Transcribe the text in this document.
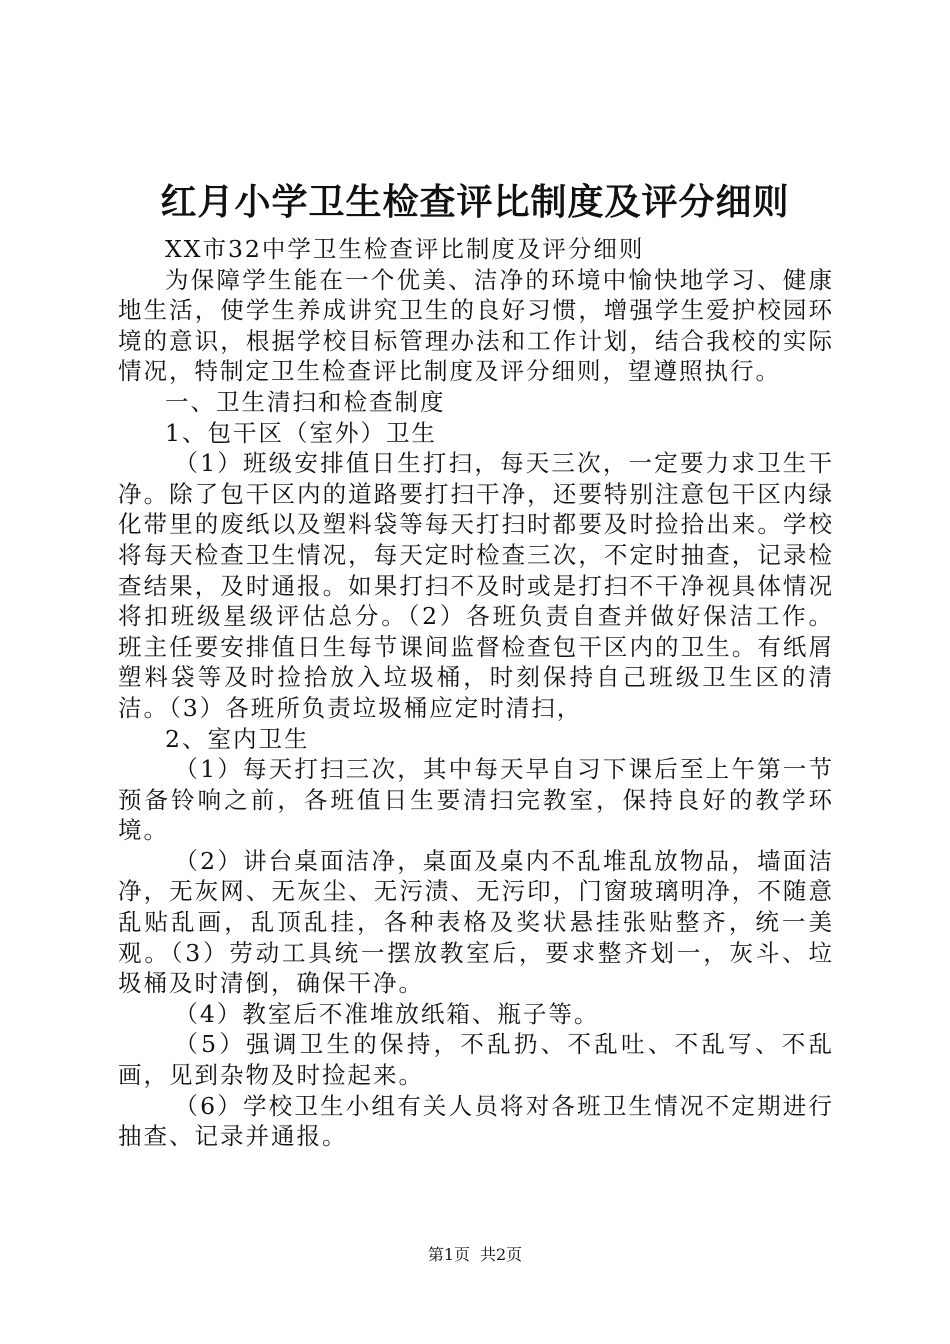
红月小学卫生检查评比制度及评分细则

XX市32中学卫生检查评比制度及评分细则

为保障学生能在一个优美、洁净的环境中愉快地学习、健康地生活，使学生养成讲究卫生的良好习惯，增强学生爱护校园环境的意识，根据学校目标管理办法和工作计划，结合我校的实际情况，特制定卫生检查评比制度及评分细则，望遵照执行。

一、卫生清扫和检查制度

1、包干区（室外）卫生

（1）班级安排值日生打扫，每天三次，一定要力求卫生干净。除了包干区内的道路要打扫干净，还要特别注意包干区内绿化带里的废纸以及塑料袋等每天打扫时都要及时捡拾出来。学校将每天检查卫生情况，每天定时检查三次，不定时抽查，记录检查结果，及时通报。如果打扫不及时或是打扫不干净视具体情况将扣班级星级评估总分。（2）各班负责自查并做好保洁工作。班主任要安排值日生每节课间监督检查包干区内的卫生。有纸屑塑料袋等及时捡拾放入垃圾桶，时刻保持自己班级卫生区的清洁。（3）各班所负责垃圾桶应定时清扫，

2、室内卫生

（1）每天打扫三次，其中每天早自习下课后至上午第一节预备铃响之前，各班值日生要清扫完教室，保持良好的教学环境。

（2）讲台桌面洁净，桌面及桌内不乱堆乱放物品，墙面洁净，无灰网、无灰尘、无污渍、无污印，门窗玻璃明净，不随意乱贴乱画，乱顶乱挂，各种表格及奖状悬挂张贴整齐，统一美观。（3）劳动工具统一摆放教室后，要求整齐划一，灰斗、垃圾桶及时清倒，确保干净。

（4）教室后不准堆放纸箱、瓶子等。

（5）强调卫生的保持，不乱扔、不乱吐、不乱写、不乱画，见到杂物及时捡起来。

（6）学校卫生小组有关人员将对各班卫生情况不定期进行抽查、记录并通报。

第1页 共2页
